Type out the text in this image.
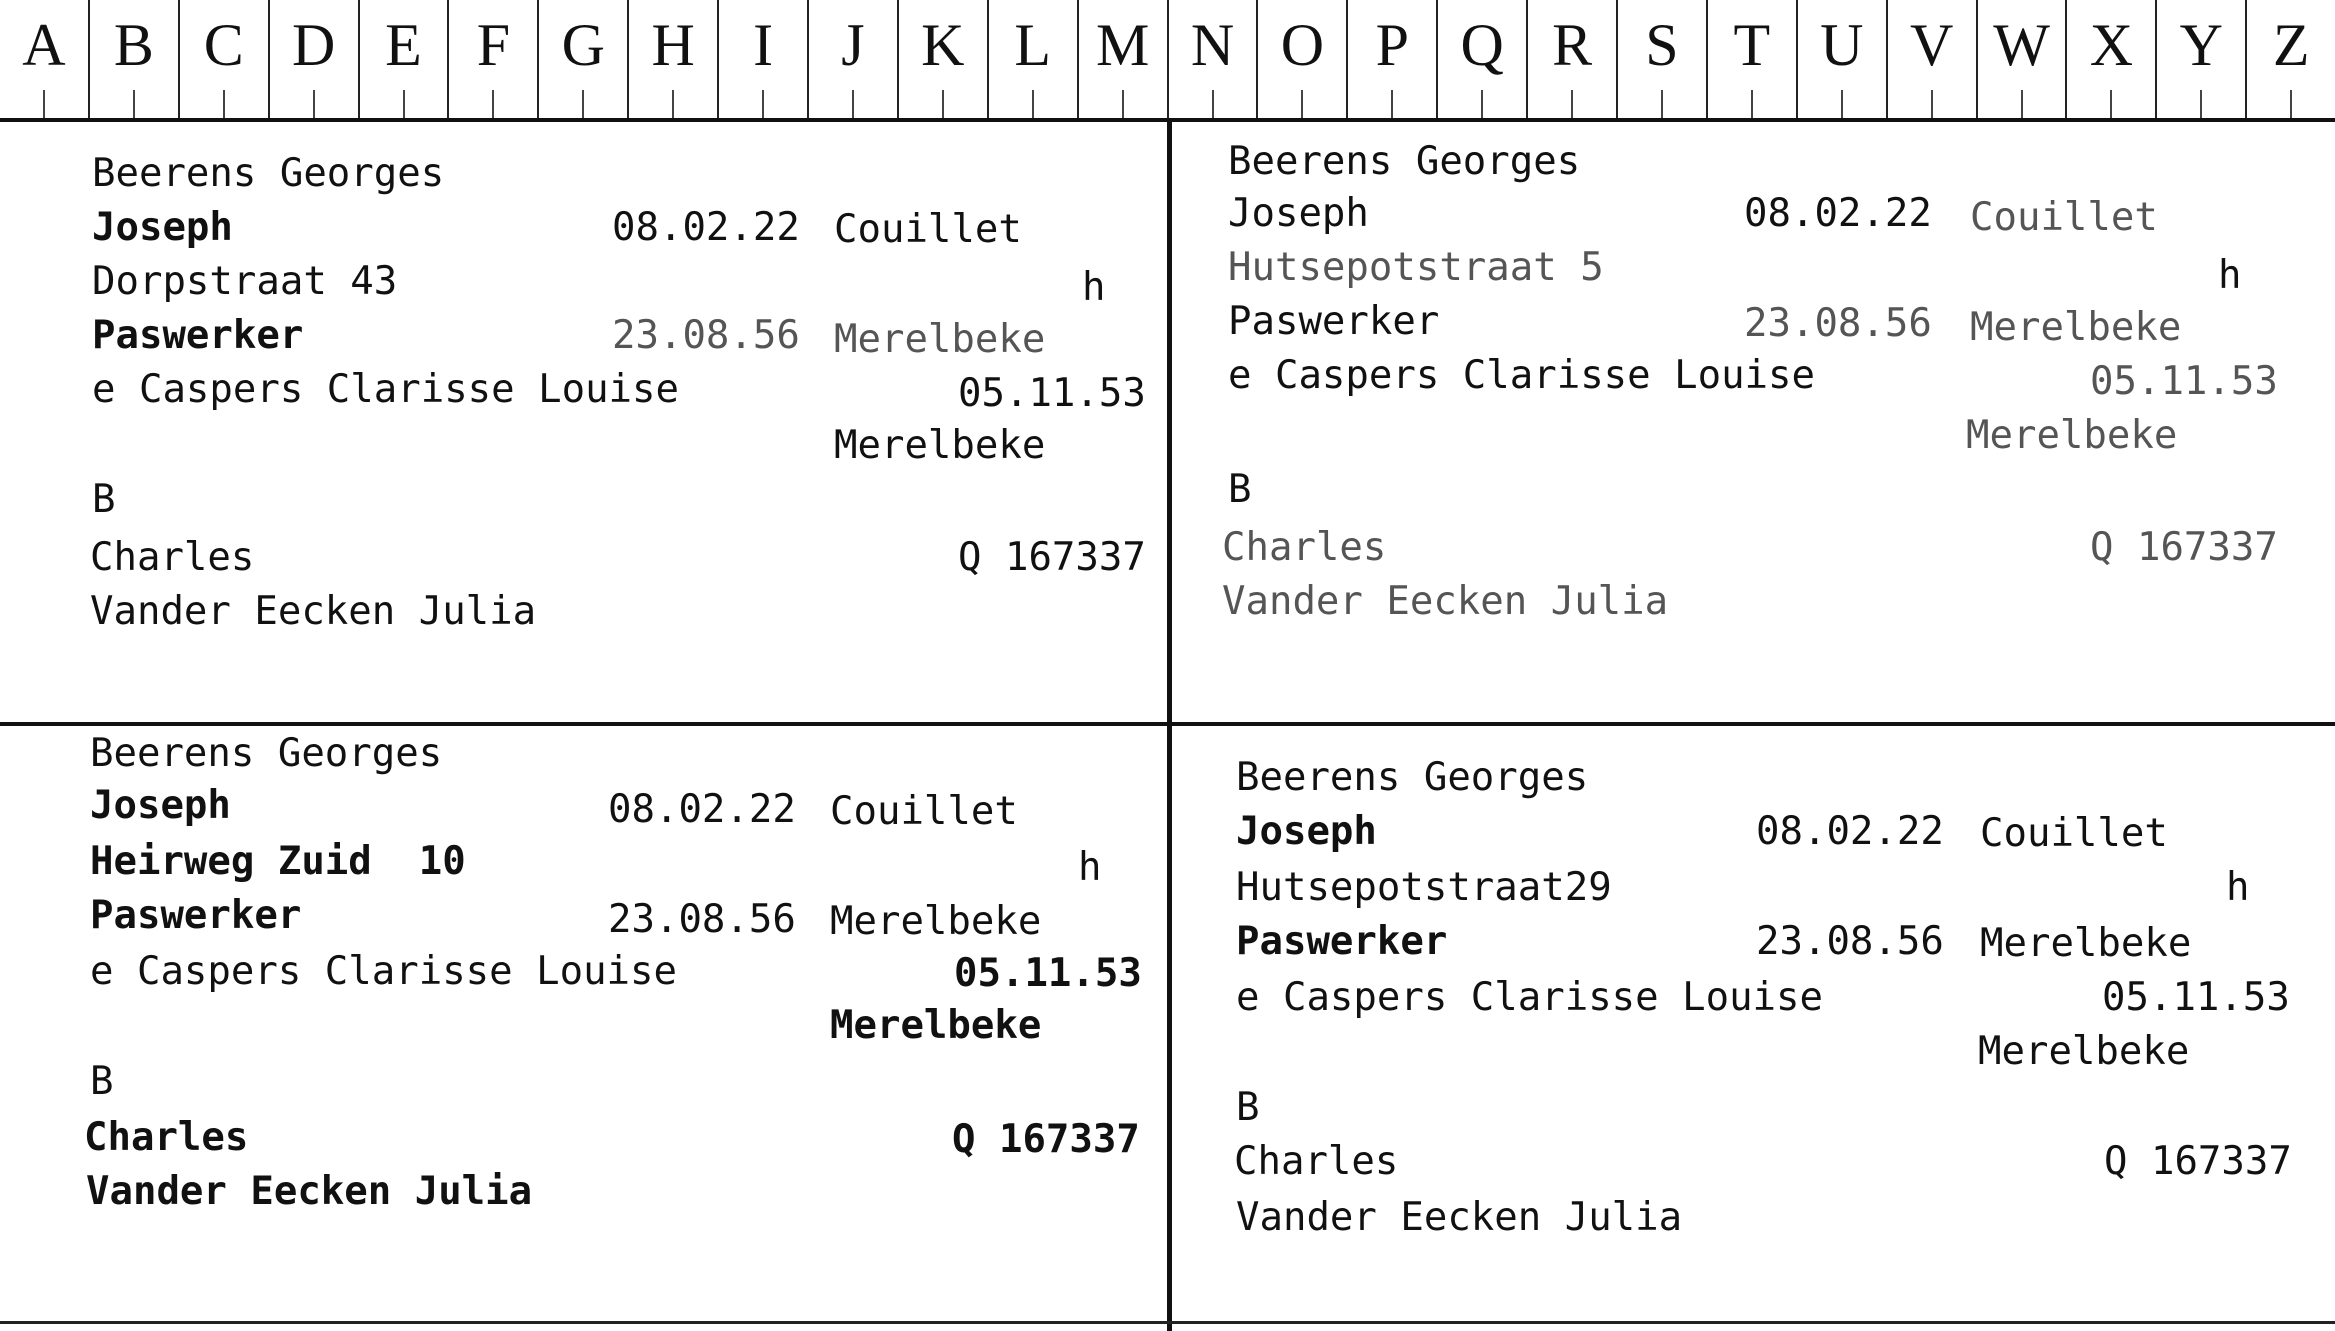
A B C D E F G H I	J K L M N O P Q R S T U V W X Y Z
Beerens Georges
Joseph	08.02.22 Couillet
Dorpstraat 43	h
Paswerker	23.08.56 Merelbeke
e Caspers Clarisse Louise	05.11.53
Merelbeke
B
Charles	Q 167337
Vander Eecken Julia
Beerens Georges
Joseph	08.02.22 Couillet
Hutsepotstraat 5	h
Paswerker	23.08.56 Merelbeke
e Caspers Clarisse Louise	05.11.53
Merelbeke
B
Charles	Q 167337
Vander Eecken Julia
Beerens Georges
Joseph	08.02.22 Couillet
Heirweg Zuid  10	h
Paswerker	23.08.56 Merelbeke
e Caspers Clarisse Louise	05.11.53
Merelbeke
B
Charles	Q 167337
Vander Eecken Julia
Beerens Georges
Joseph	08.02.22 Couillet
Hutsepotstraat29	h
Paswerker	23.08.56 Merelbeke
e Caspers Clarisse Louise	05.11.53
Merelbeke
B
Charles	Q 167337
Vander Eecken Julia
